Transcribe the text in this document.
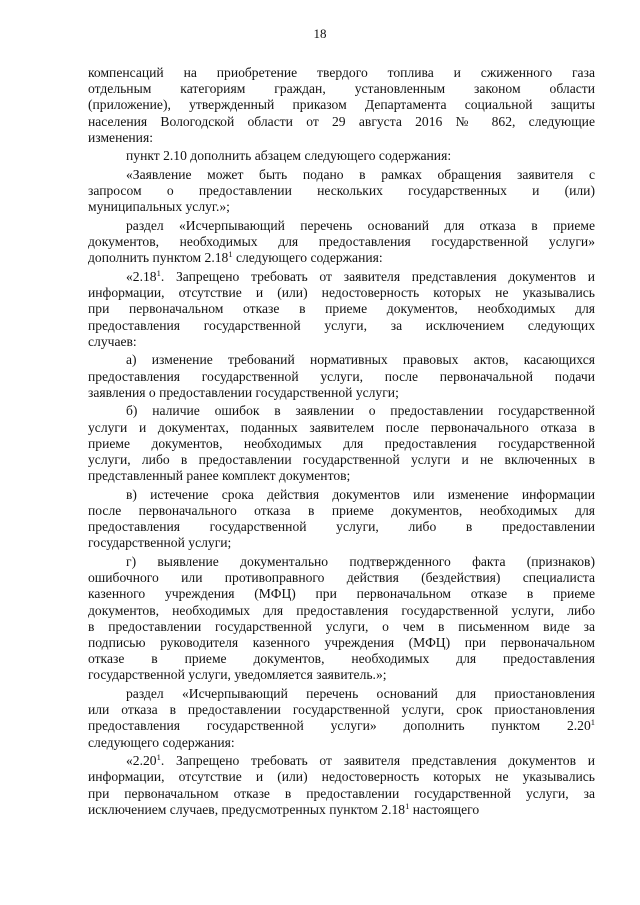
18

компенсаций на приобретение твердого топлива и сжиженного газа
отдельным категориям граждан, установленным законом области
(приложение), утвержденный приказом Департамента социальной защиты
населения Вологодской области от 29 августа 2016 № 862, следующие
изменения:

пункт 2.10 дополнить абзацем следующего содержания:

«Заявление может быть подано в рамках обращения заявителя с
запросом о предоставлении нескольких государственных и (или)
муниципальных услуг.»;

раздел «Исчерпывающий перечень оснований для отказа в приеме
документов, необходимых для предоставления государственной услуги»
дополнить пунктом 2.18$^1$ следующего содержания:

«2.18$^1$. Запрещено требовать от заявителя представления документов и
информации, отсутствие и (или) недостоверность которых не указывались
при первоначальном отказе в приеме документов, необходимых для
предоставления государственной услуги, за исключением следующих
случаев:

а) изменение требований нормативных правовых актов, касающихся
предоставления государственной услуги, после первоначальной подачи
заявления о предоставлении государственной услуги;

б) наличие ошибок в заявлении о предоставлении государственной
услуги и документах, поданных заявителем после первоначального отказа в
приеме документов, необходимых для предоставления государственной
услуги, либо в предоставлении государственной услуги и не включенных в
представленный ранее комплект документов;

в) истечение срока действия документов или изменение информации
после первоначального отказа в приеме документов, необходимых для
предоставления государственной услуги, либо в предоставлении
государственной услуги;

г) выявление документально подтвержденного факта (признаков)
ошибочного или противоправного действия (бездействия) специалиста
казенного учреждения (МФЦ) при первоначальном отказе в приеме
документов, необходимых для предоставления государственной услуги, либо
в предоставлении государственной услуги, о чем в письменном виде за
подписью руководителя казенного учреждения (МФЦ) при первоначальном
отказе в приеме документов, необходимых для предоставления
государственной услуги, уведомляется заявитель.»;

раздел «Исчерпывающий перечень оснований для приостановления
или отказа в предоставлении государственной услуги, срок приостановления
предоставления государственной услуги» дополнить пунктом 2.20$^1$
следующего содержания:

«2.20$^1$. Запрещено требовать от заявителя представления документов и
информации, отсутствие и (или) недостоверность которых не указывались
при первоначальном отказе в предоставлении государственной услуги, за
исключением случаев, предусмотренных пунктом 2.18$^1$ настоящего
